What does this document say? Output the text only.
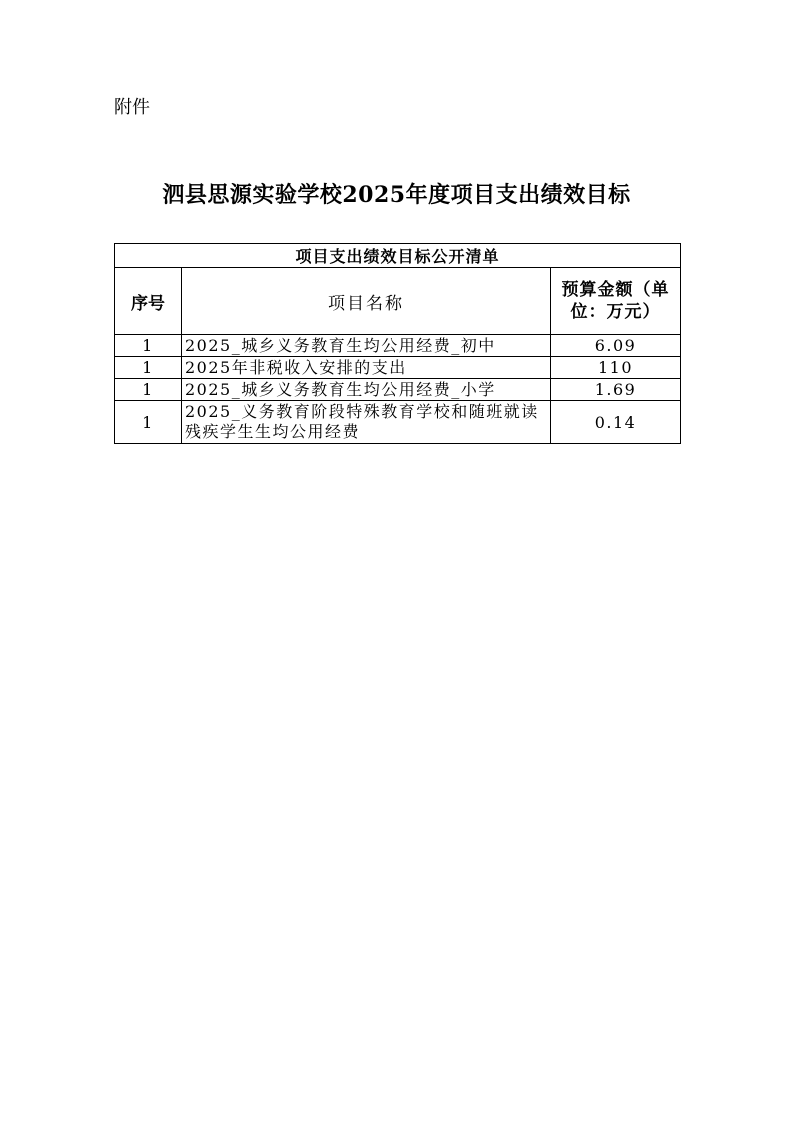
附件
泗县思源实验学校2025年度项目支出绩效目标
项目支出绩效目标公开清单		
序号	项目名称	预算金额（单位：万元）
1	2025_城乡义务教育生均公用经费_初中	6.09
1	2025年非税收入安排的支出	110
1	2025_城乡义务教育生均公用经费_小学	1.69
1	2025_义务教育阶段特殊教育学校和随班就读残疾学生生均公用经费	0.14
